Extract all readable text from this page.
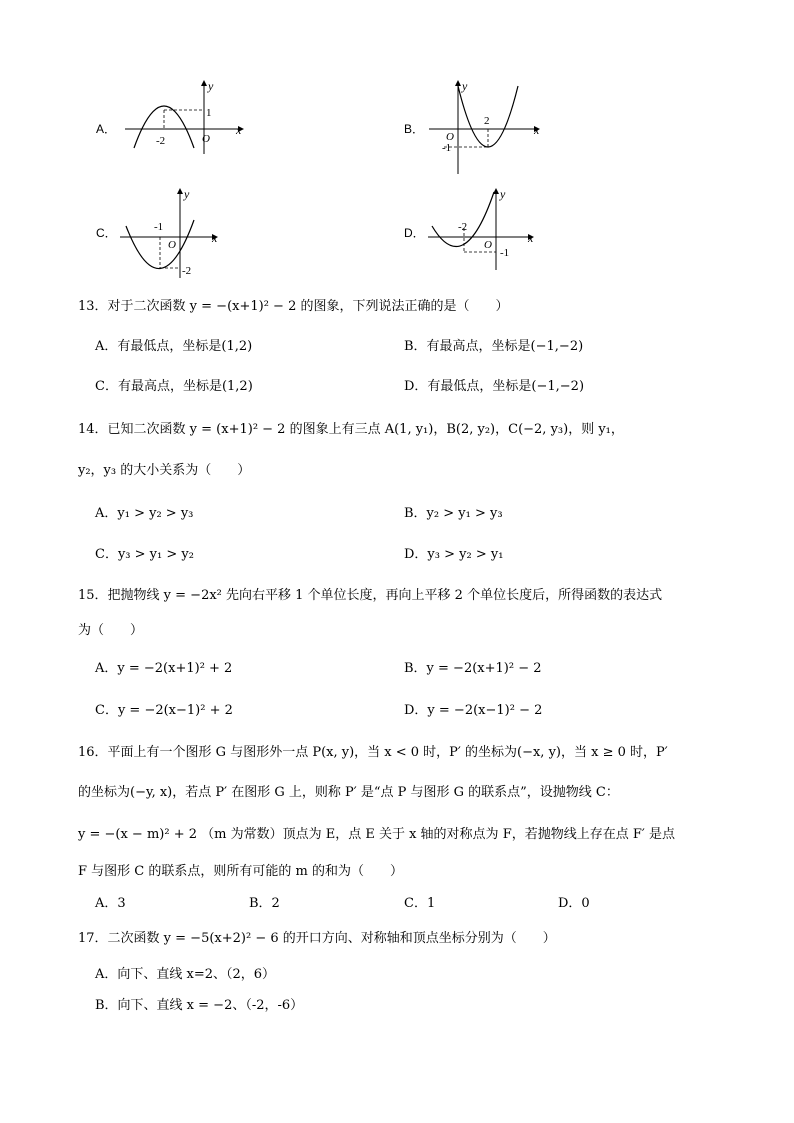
A．
y
x
1
-2	O
B．
y
x
2
-1
O
C．
y
x
-1
-2
O
D．
y
x
-2
-1
O
13．对于二次函数 y = −(x+1)² − 2 的图象，下列说法正确的是（　　）
A．有最低点，坐标是(1,2)	B．有最高点，坐标是(−1,−2)
C．有最高点，坐标是(1,2)	D．有最低点，坐标是(−1,−2)
14．已知二次函数 y = (x+1)² − 2 的图象上有三点 A(1, y₁)，B(2, y₂)，C(−2, y₃)，则 y₁，
y₂，y₃ 的大小关系为（　　）
A．y₁ > y₂ > y₃	B．y₂ > y₁ > y₃
C．y₃ > y₁ > y₂	D．y₃ > y₂ > y₁
15．把抛物线 y = −2x² 先向右平移 1 个单位长度，再向上平移 2 个单位长度后，所得函数的表达式
为（　　）
A．y = −2(x+1)² + 2	B．y = −2(x+1)² − 2
C．y = −2(x−1)² + 2	D．y = −2(x−1)² − 2
16．平面上有一个图形 G 与图形外一点 P(x, y)，当 x < 0 时，P′ 的坐标为(−x, y)，当 x ≥ 0 时，P′
的坐标为(−y, x)，若点 P′ 在图形 G 上，则称 P′ 是“点 P 与图形 G 的联系点”，设抛物线 C：
y = −(x − m)² + 2 （m 为常数）顶点为 E，点 E 关于 x 轴的对称点为 F，若抛物线上存在点 F′ 是点
F 与图形 C 的联系点，则所有可能的 m 的和为（　　）
A．3	B．2	C．1	D．0
17．二次函数 y = −5(x+2)² − 6 的开口方向、对称轴和顶点坐标分别为（　　）
A．向下、直线 x=2、（2，6）
B．向下、直线 x = −2、（-2，-6）
